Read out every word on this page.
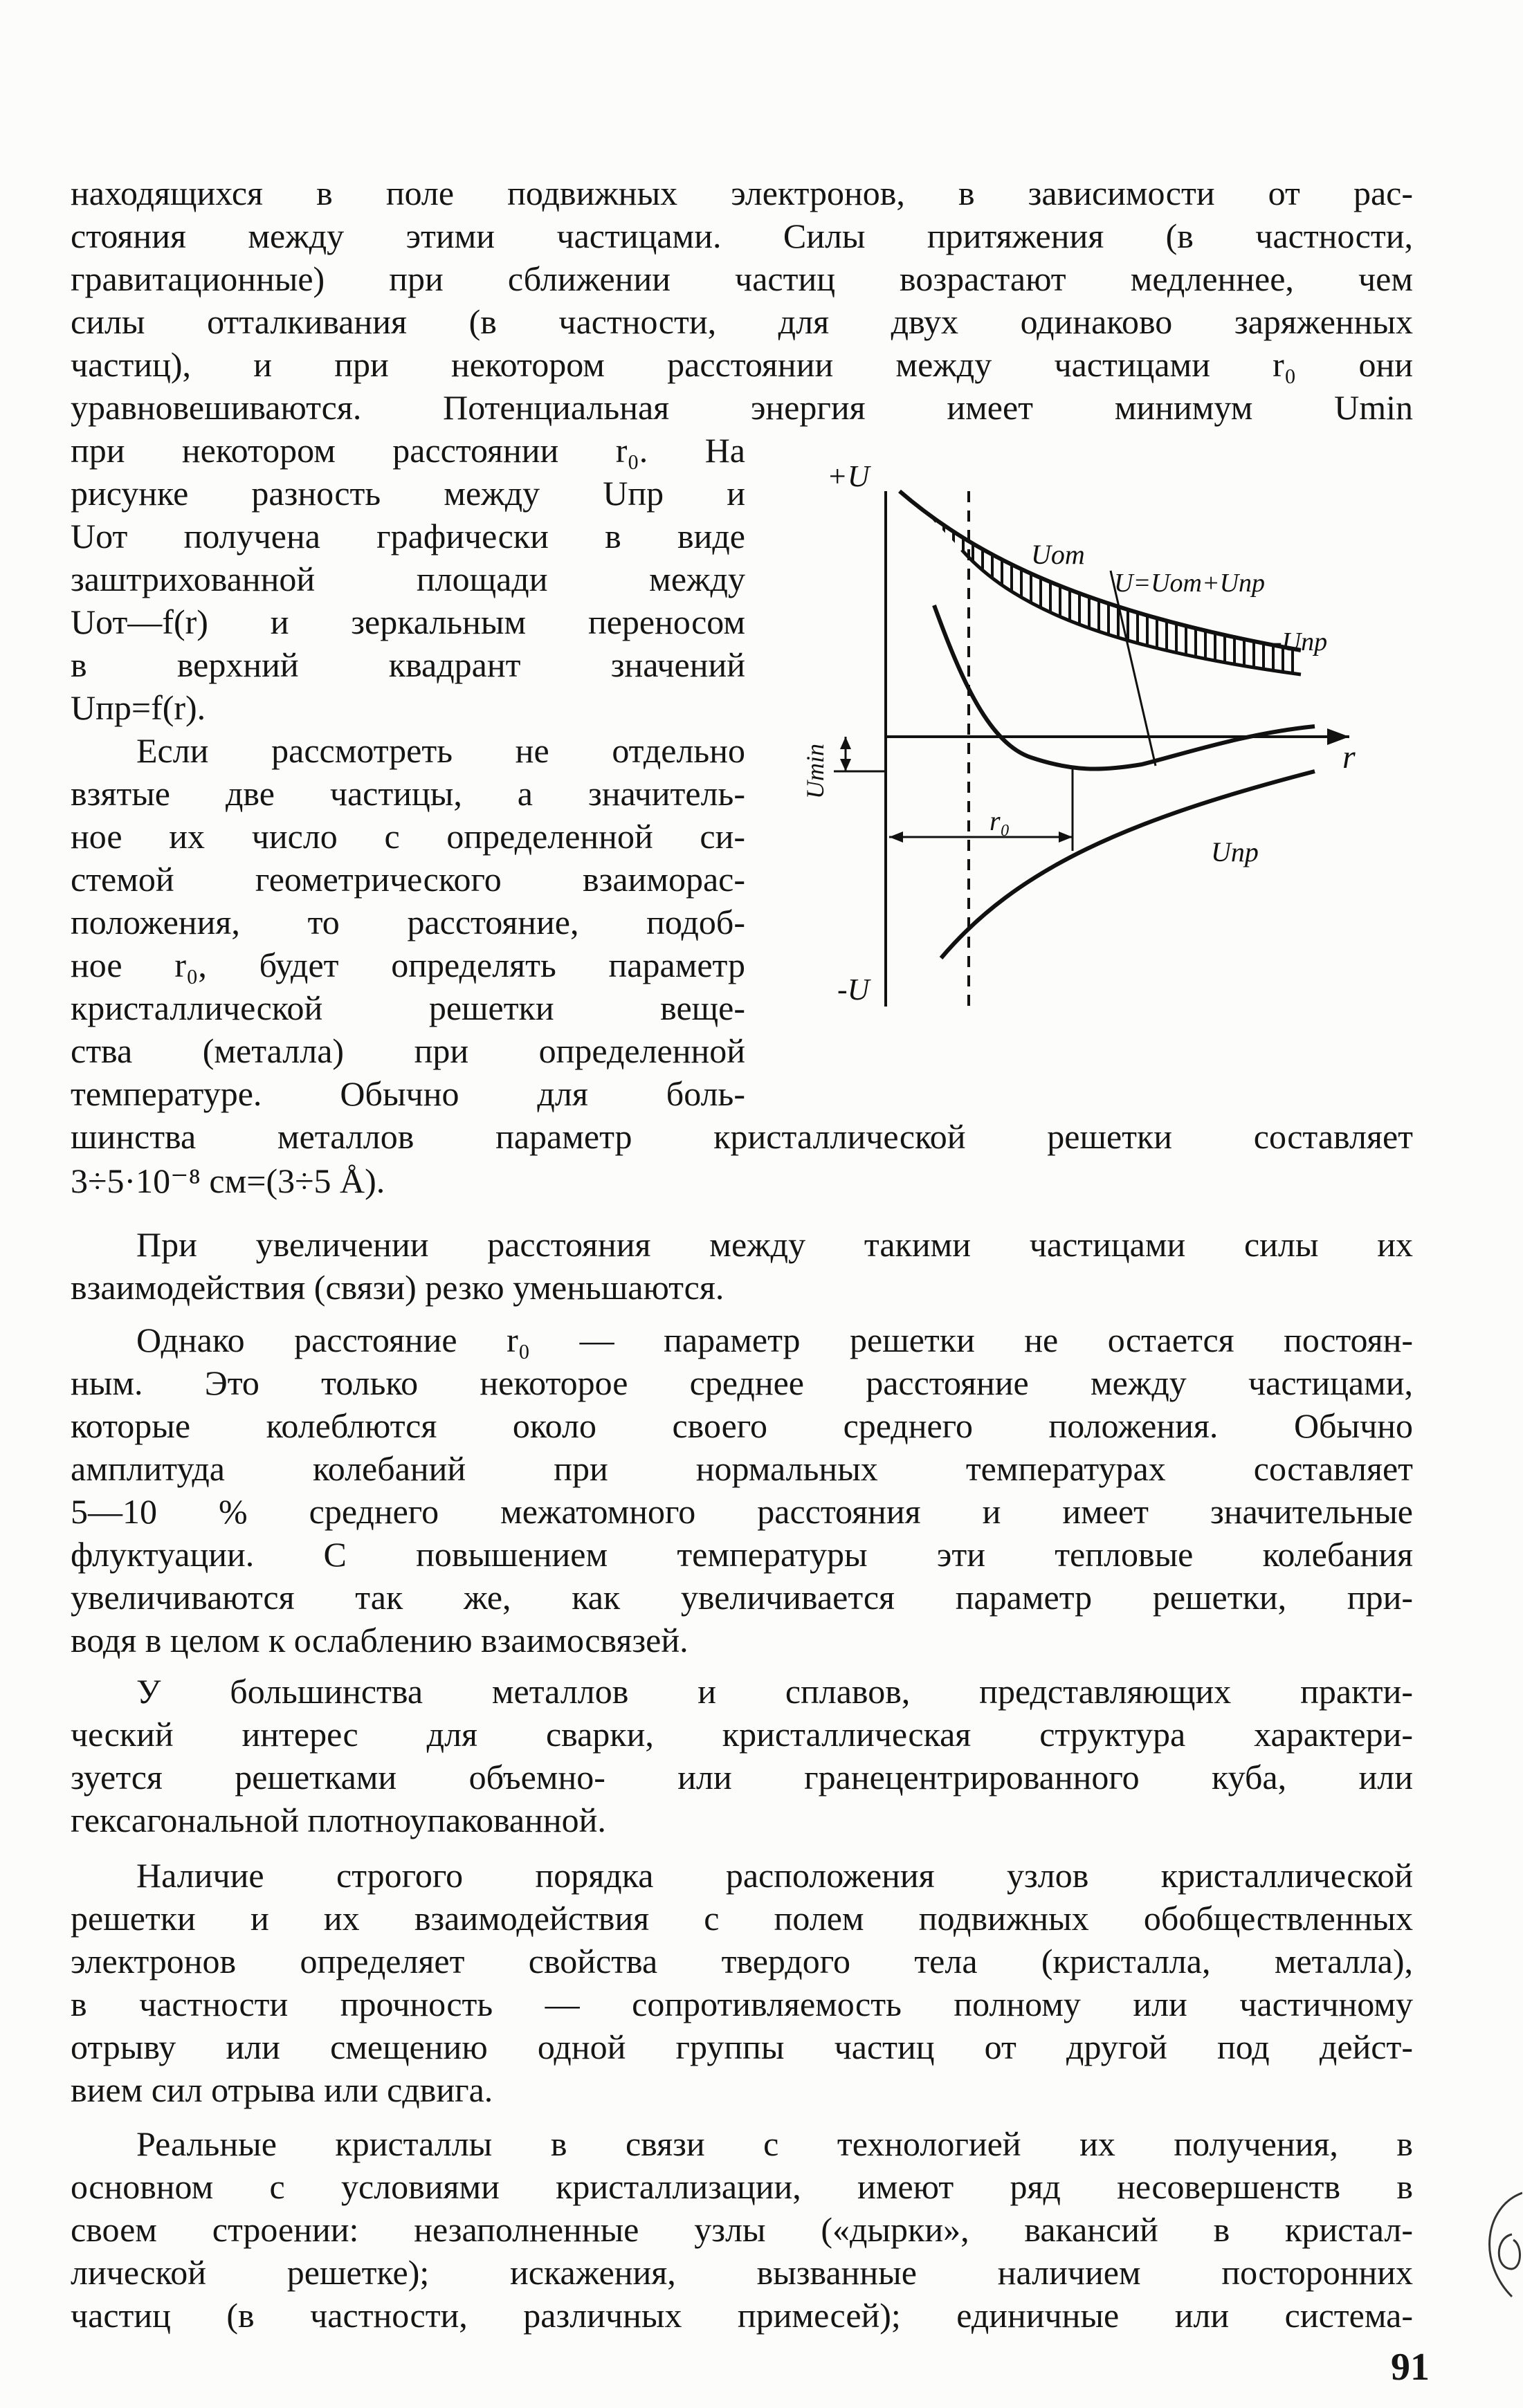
находящихся в поле подвижных электронов, в зависимости от рас-

стояния между этими частицами. Силы притяжения (в частности,

гравитационные) при сближении частиц возрастают медленнее, чем

силы отталкивания (в частности, для двух одинаково заряженных

частиц), и при некотором расстоянии между частицами r₀ они

уравновешиваются. Потенциальная энергия имеет минимум Umin

при некотором расстоянии r₀. На

рисунке разность между Uпр и

Uот получена графически в виде

заштрихованной площади между

Uот—f(r) и зеркальным переносом

в верхний квадрант значений

Uпр=f(r).

Если рассмотреть не отдельно

взятые две частицы, а значитель-

ное их число с определенной си-

стемой геометрического взаиморас-

положения, то расстояние, подоб-

ное r₀, будет определять параметр

кристаллической решетки веще-

ства (металла) при определенной

температуре. Обычно для боль-

шинства металлов параметр кристаллической решетки составляет

3÷5·10⁻⁸ см=(3÷5 Å).

При увеличении расстояния между такими частицами силы их

взаимодействия (связи) резко уменьшаются.

Однако расстояние r₀ — параметр решетки не остается постоян-

ным. Это только некоторое среднее расстояние между частицами,

которые колеблются около своего среднего положения. Обычно

амплитуда колебаний при нормальных температурах составляет

5—10 % среднего межатомного расстояния и имеет значительные

флуктуации. С повышением температуры эти тепловые колебания

увеличиваются так же, как увеличивается параметр решетки, при-

водя в целом к ослаблению взаимосвязей.

У большинства металлов и сплавов, представляющих практи-

ческий интерес для сварки, кристаллическая структура характери-

зуется решетками объемно- или гранецентрированного куба, или

гексагональной плотноупакованной.

Наличие строгого порядка расположения узлов кристаллической

решетки и их взаимодействия с полем подвижных обобществленных

электронов определяет свойства твердого тела (кристалла, металла),

в частности прочность — сопротивляемость полному или частичному

отрыву или смещению одной группы частиц от другой под дейст-

вием сил отрыва или сдвига.

Реальные кристаллы в связи с технологией их получения, в

основном с условиями кристаллизации, имеют ряд несовершенств в

своем строении: незаполненные узлы («дырки», вакансий в кристал-

лической решетке); искажения, вызванные наличием посторонних

частиц (в частности, различных примесей); единичные или система-

+U
-U
r
Uот
U=Uот+Uпр
-Uпр
r₀
Uпр
Umin
91
